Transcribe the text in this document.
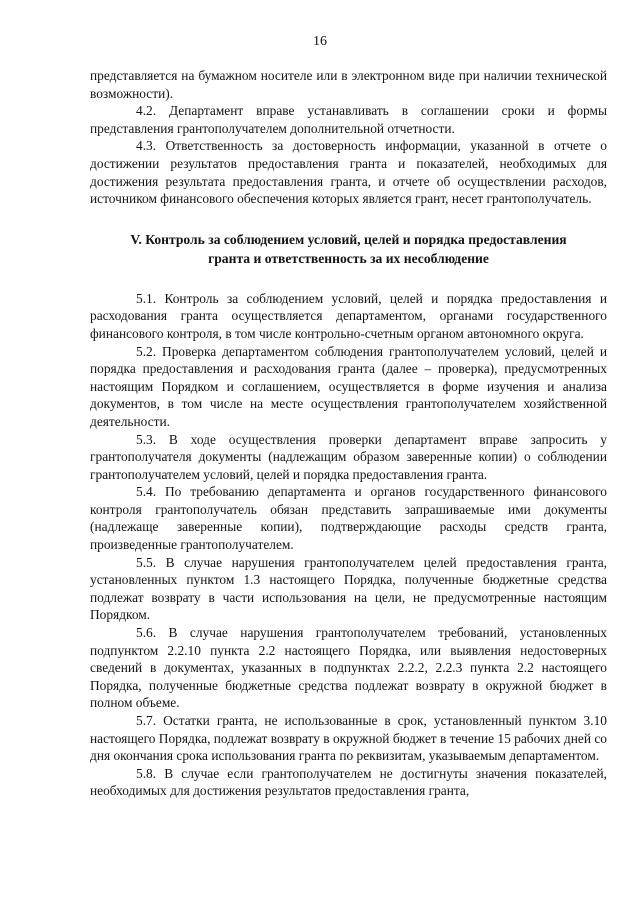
16

представляется на бумажном носителе или в электронном виде при наличии технической возможности).

4.2. Департамент вправе устанавливать в соглашении сроки и формы представления грантополучателем дополнительной отчетности.

4.3. Ответственность за достоверность информации, указанной в отчете о достижении результатов предоставления гранта и показателей, необходимых для достижения результата предоставления гранта, и отчете об осуществлении расходов, источником финансового обеспечения которых является грант, несет грантополучатель.

V. Контроль за соблюдением условий, целей и порядка предоставления
гранта и ответственность за их несоблюдение

5.1. Контроль за соблюдением условий, целей и порядка предоставления и расходования гранта осуществляется департаментом, органами государственного финансового контроля, в том числе контрольно-счетным органом автономного округа.

5.2. Проверка департаментом соблюдения грантополучателем условий, целей и порядка предоставления и расходования гранта (далее – проверка), предусмотренных настоящим Порядком и соглашением, осуществляется в форме изучения и анализа документов, в том числе на месте осуществления грантополучателем хозяйственной деятельности.

5.3. В ходе осуществления проверки департамент вправе запросить у грантополучателя документы (надлежащим образом заверенные копии) о соблюдении грантополучателем условий, целей и порядка предоставления гранта.

5.4. По требованию департамента и органов государственного финансового контроля грантополучатель обязан представить запрашиваемые ими документы (надлежаще заверенные копии), подтверждающие расходы средств гранта, произведенные грантополучателем.

5.5. В случае нарушения грантополучателем целей предоставления гранта, установленных пунктом 1.3 настоящего Порядка, полученные бюджетные средства подлежат возврату в части использования на цели, не предусмотренные настоящим Порядком.

5.6. В случае нарушения грантополучателем требований, установленных подпунктом 2.2.10 пункта 2.2 настоящего Порядка, или выявления недостоверных сведений в документах, указанных в подпунктах 2.2.2, 2.2.3 пункта 2.2 настоящего Порядка, полученные бюджетные средства подлежат возврату в окружной бюджет в полном объеме.

5.7. Остатки гранта, не использованные в срок, установленный пунктом 3.10 настоящего Порядка, подлежат возврату в окружной бюджет в течение 15 рабочих дней со дня окончания срока использования гранта по реквизитам, указываемым департаментом.

5.8. В случае если грантополучателем не достигнуты значения показателей, необходимых для достижения результатов предоставления гранта,
